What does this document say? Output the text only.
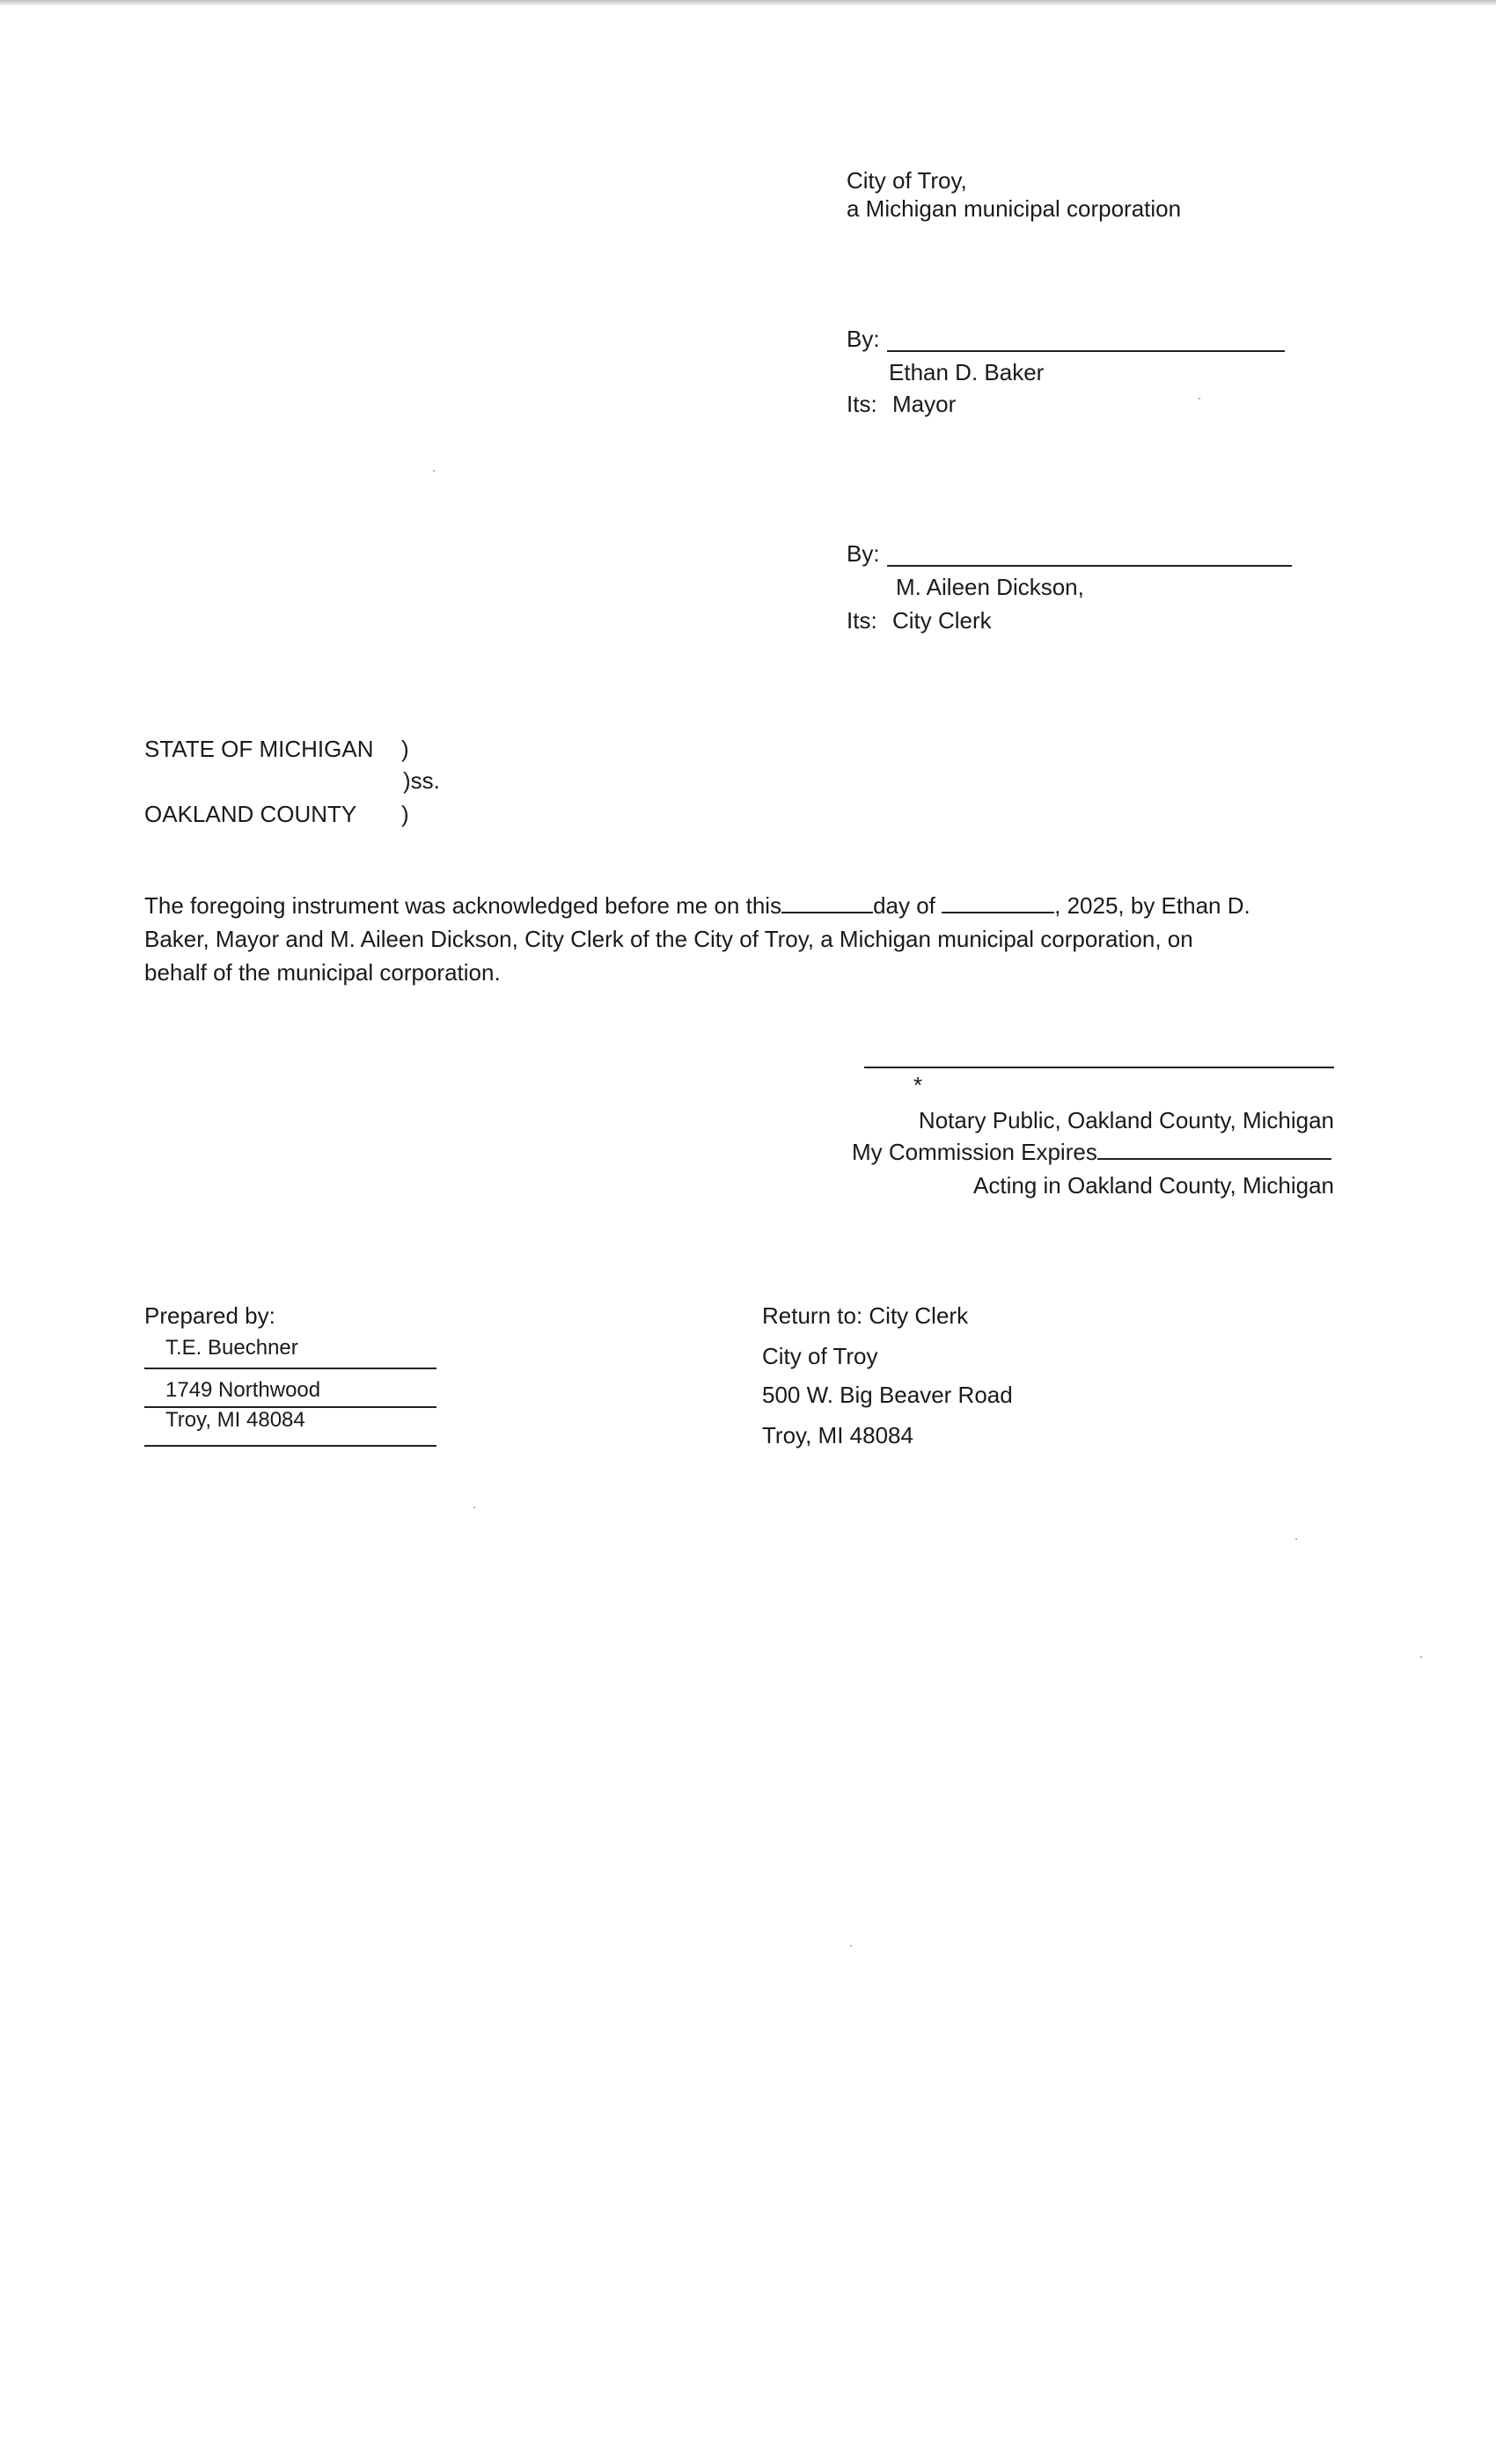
City of Troy,
a Michigan municipal corporation
By:
Ethan D. Baker
Its: Mayor
By:
M. Aileen Dickson,
Its: City Clerk
STATE OF MICHIGAN )
)ss.
OAKLAND COUNTY )
The foregoing instrument was acknowledged before me on this	day of	, 2025, by Ethan D.
Baker, Mayor and M. Aileen Dickson, City Clerk of the City of Troy, a Michigan municipal corporation, on
behalf of the municipal corporation.
*
Notary Public, Oakland County, Michigan
My Commission Expires
Acting in Oakland County, Michigan
Prepared by:
T.E. Buechner
1749 Northwood
Troy, MI 48084
Return to: City Clerk
City of Troy
500 W. Big Beaver Road
Troy, MI 48084
